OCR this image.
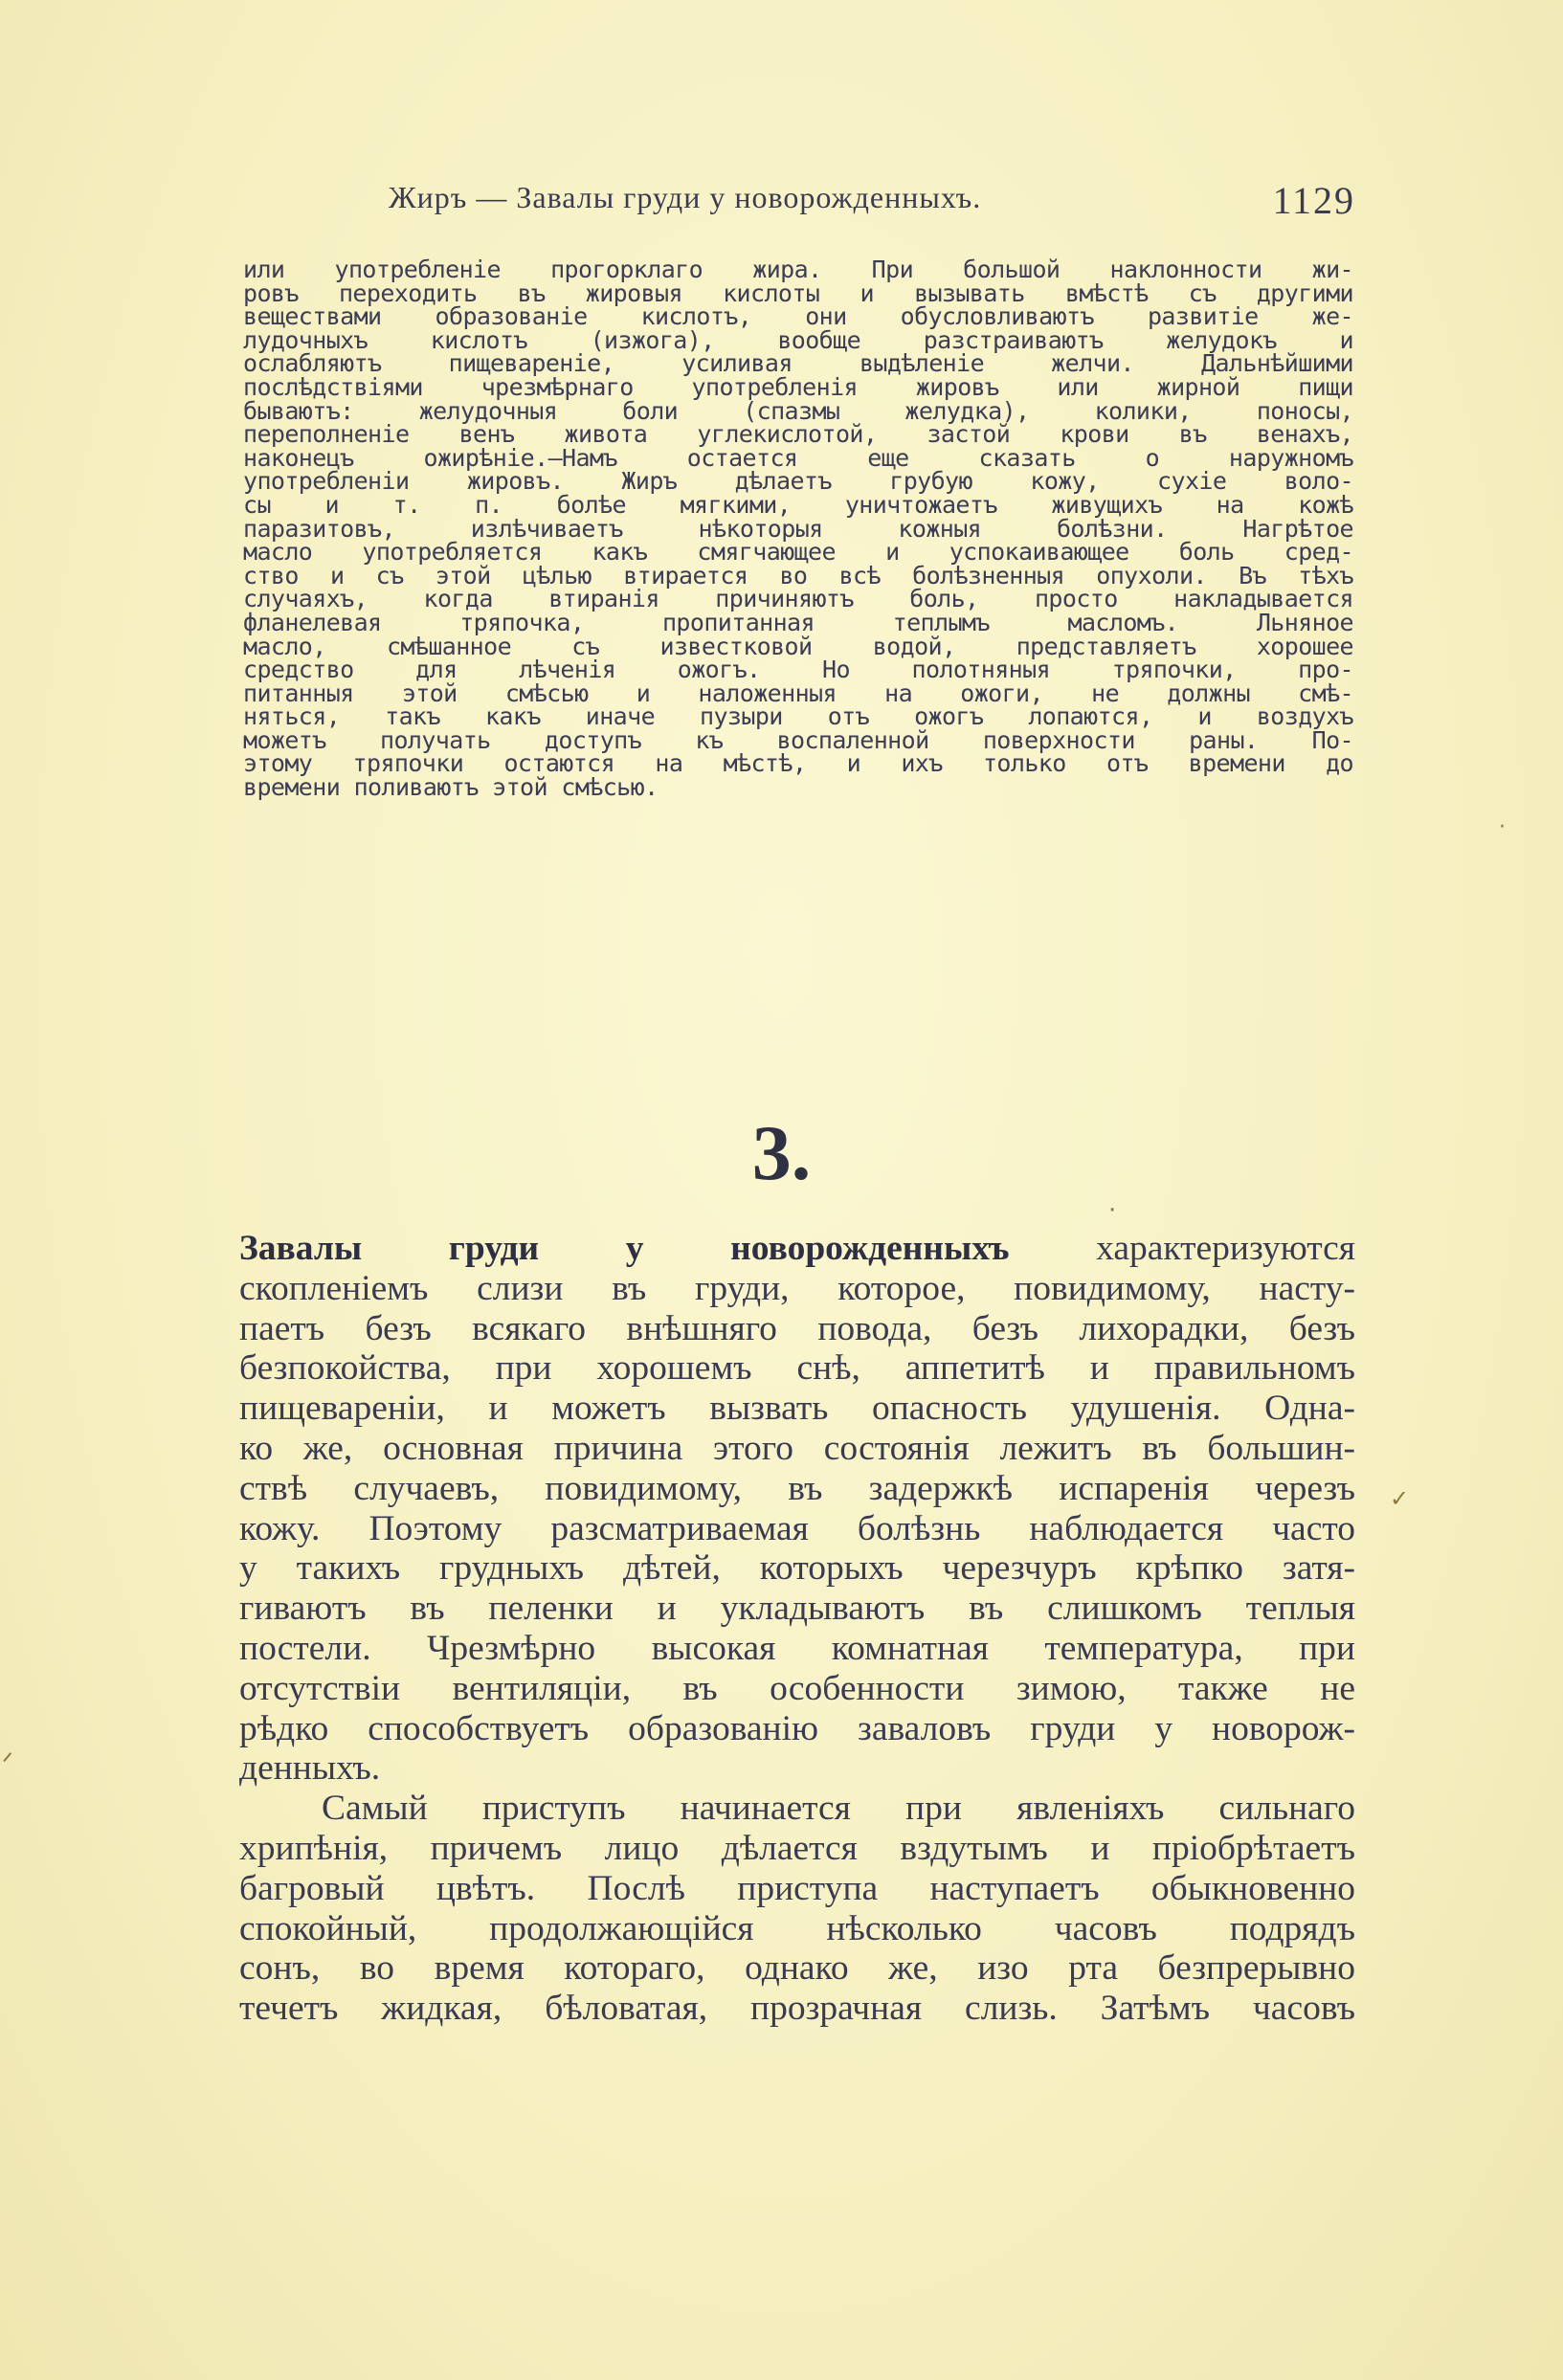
Жиръ — Завалы груди у новорожденныхъ.	1129
или употребленіе прогорклаго жира. При большой наклонности жи-
ровъ переходить въ жировыя кислоты и вызывать вмѣстѣ съ другими
веществами образованіе кислотъ, они обусловливаютъ развитіе же-
лудочныхъ кислотъ (изжога), вообще разстраиваютъ желудокъ и
ослабляютъ пищевареніе, усиливая выдѣленіе желчи. Дальнѣйшими
послѣдствіями чрезмѣрнаго употребленія жировъ или жирной пищи
бываютъ: желудочныя боли (спазмы желудка), колики, поносы,
переполненіе венъ живота углекислотой, застой крови въ венахъ,
наконецъ ожирѣніе.—Намъ остается еще сказать о наружномъ
употребленіи жировъ. Жиръ дѣлаетъ грубую кожу, сухіе воло-
сы и т. п. болѣе мягкими, уничтожаетъ живущихъ на кожѣ
паразитовъ, излѣчиваетъ нѣкоторыя кожныя болѣзни. Нагрѣтое
масло употребляется какъ смягчающее и успокаивающее боль сред-
ство и съ этой цѣлью втирается во всѣ болѣзненныя опухоли. Въ тѣхъ
случаяхъ, когда втиранія причиняютъ боль, просто накладывается
фланелевая тряпочка, пропитанная теплымъ масломъ. Льняное
масло, смѣшанное съ известковой водой, представляетъ хорошее
средство для лѣченія ожогъ. Но полотняныя тряпочки, про-
питанныя этой смѣсью и наложенныя на ожоги, не должны смѣ-
няться, такъ какъ иначе пузыри отъ ожогъ лопаются, и воздухъ
можетъ получать доступъ къ воспаленной поверхности раны. По-
этому тряпочки остаются на мѣстѣ, и ихъ только отъ времени до
времени поливаютъ этой смѣсью.
3.
Завалы груди у новорожденныхъ характеризуются
скопленіемъ слизи въ груди, которое, повидимому, насту-
паетъ безъ всякаго внѣшняго повода, безъ лихорадки, безъ
безпокойства, при хорошемъ снѣ, аппетитѣ и правильномъ
пищевареніи, и можетъ вызвать опасность удушенія. Одна-
ко же, основная причина этого состоянія лежитъ въ большин-
ствѣ случаевъ, повидимому, въ задержкѣ испаренія черезъ
кожу. Поэтому разсматриваемая болѣзнь наблюдается часто
у такихъ грудныхъ дѣтей, которыхъ черезчуръ крѣпко затя-
гиваютъ въ пеленки и укладываютъ въ слишкомъ теплыя
постели. Чрезмѣрно высокая комнатная температура, при
отсутствіи вентиляціи, въ особенности зимою, также не
рѣдко способствуетъ образованію заваловъ груди у новорож-
денныхъ.
Самый приступъ начинается при явленіяхъ сильнаго
хрипѣнія, причемъ лицо дѣлается вздутымъ и пріобрѣтаетъ
багровый цвѣтъ. Послѣ приступа наступаетъ обыкновенно
спокойный, продолжающійся нѣсколько часовъ подрядъ
сонъ, во время котораго, однако же, изо рта безпрерывно
течетъ жидкая, бѣловатая, прозрачная слизь. Затѣмъ часовъ
·
·
✓
ᐟ
